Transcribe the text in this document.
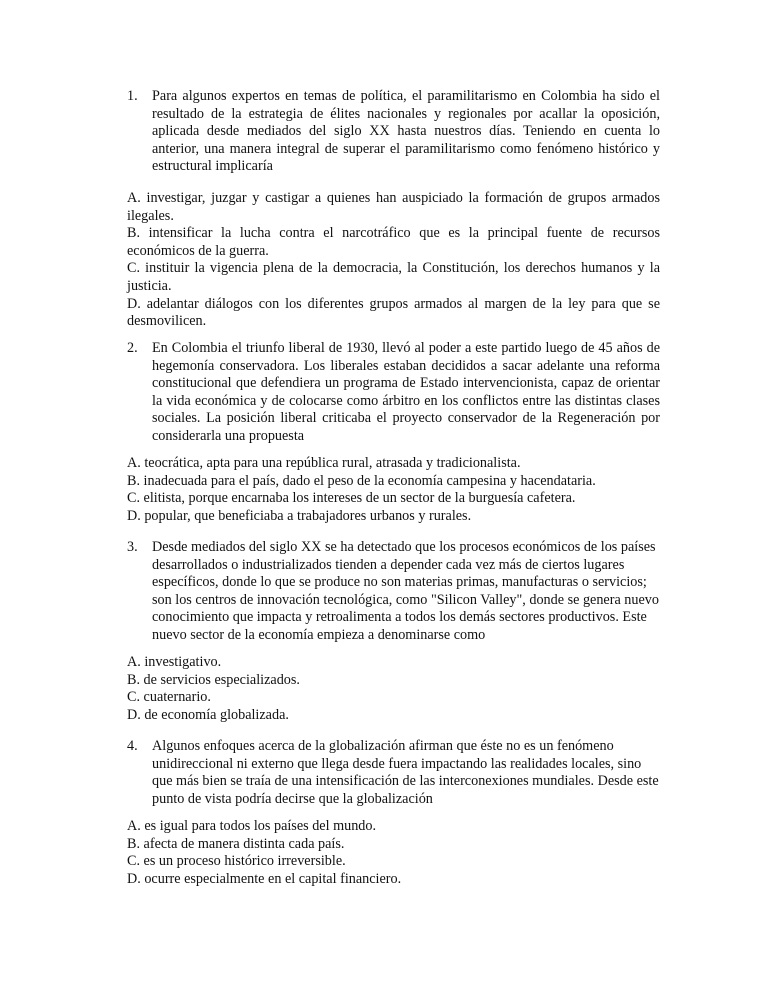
1. Para algunos expertos en temas de política, el paramilitarismo en Colombia ha sido el resultado de la estrategia de élites nacionales y regionales por acallar la oposición, aplicada desde mediados del siglo XX hasta nuestros días. Teniendo en cuenta lo anterior, una manera integral de superar el paramilitarismo como fenómeno histórico y estructural implicaría
A. investigar, juzgar y castigar a quienes han auspiciado la formación de grupos armados ilegales.
B. intensificar la lucha contra el narcotráfico que es la principal fuente de recursos económicos de la guerra.
C. instituir la vigencia plena de la democracia, la Constitución, los derechos humanos y la justicia.
D. adelantar diálogos con los diferentes grupos armados al margen de la ley para que se desmovilicen.
2. En Colombia el triunfo liberal de 1930, llevó al poder a este partido luego de 45 años de hegemonía conservadora. Los liberales estaban decididos a sacar adelante una reforma constitucional que defendiera un programa de Estado intervencionista, capaz de orientar la vida económica y de colocarse como árbitro en los conflictos entre las distintas clases sociales. La posición liberal criticaba el proyecto conservador de la Regeneración por considerarla una propuesta
A. teocrática, apta para una república rural, atrasada y tradicionalista.
B. inadecuada para el país, dado el peso de la economía campesina y hacendataria.
C. elitista, porque encarnaba los intereses de un sector de la burguesía cafetera.
D. popular, que beneficiaba a trabajadores urbanos y rurales.
3. Desde mediados del siglo XX se ha detectado que los procesos económicos de los países desarrollados o industrializados tienden a depender cada vez más de ciertos lugares específicos, donde lo que se produce no son materias primas, manufacturas o servicios; son los centros de innovación tecnológica, como "Silicon Valley", donde se genera nuevo conocimiento que impacta y retroalimenta a todos los demás sectores productivos. Este nuevo sector de la economía empieza a denominarse como
A. investigativo.
B. de servicios especializados.
C. cuaternario.
D. de economía globalizada.
4. Algunos enfoques acerca de la globalización afirman que éste no es un fenómeno unidireccional ni externo que llega desde fuera impactando las realidades locales, sino que más bien se traía de una intensificación de las interconexiones mundiales. Desde este punto de vista podría decirse que la globalización
A. es igual para todos los países del mundo.
B. afecta de manera distinta cada país.
C. es un proceso histórico irreversible.
D. ocurre especialmente en el capital financiero.
